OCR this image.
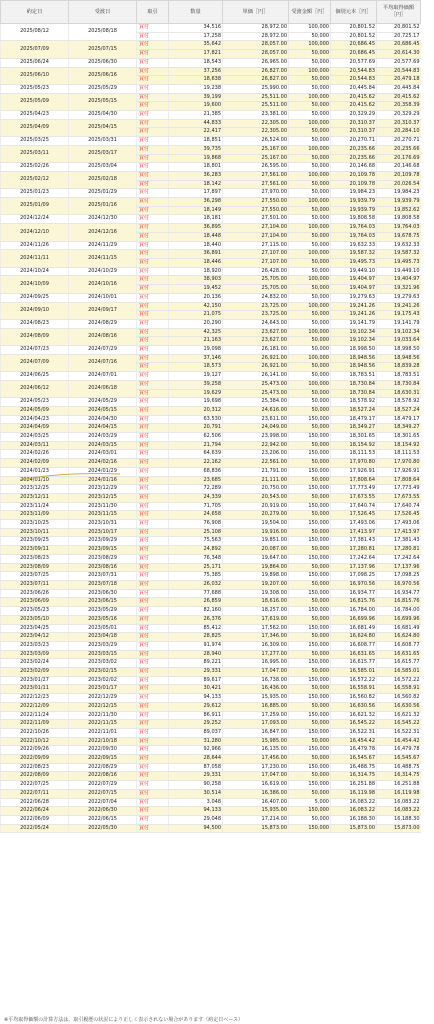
約定日	受渡日	取引	数量	単価［円］	受渡金額［円］	個別元本［円］	平均取得価額［円］
2025/08/12	2025/08/18	買付	34,516	28,972.00	100,000	20,801.52	20,801.52
		買付	17,258	28,972.00	50,000	20,801.52	20,725.17
2025/07/09	2025/07/15	買付	35,642	28,057.00	100,000	20,686.45	20,686.45
		買付	17,821	28,057.00	50,000	20,686.45	20,614.30
2025/06/24	2025/06/30	買付	18,543	26,965.00	50,000	20,577.69	20,577.69
2025/06/10	2025/06/16	買付	37,256	26,827.00	100,000	20,544.83	20,544.83
		買付	18,638	26,827.00	50,000	20,544.83	20,479.18
2025/05/23	2025/05/29	買付	19,238	25,990.00	50,000	20,445.84	20,445.84
2025/05/09	2025/05/15	買付	39,199	25,511.00	100,000	20,415.62	20,415.62
		買付	19,600	25,511.00	50,000	20,415.62	20,358.39
2025/04/23	2025/04/30	買付	21,385	23,381.00	50,000	20,329.29	20,329.29
2025/04/09	2025/04/15	買付	44,833	22,305.00	100,000	20,310.37	20,310.37
		買付	22,417	22,305.00	50,000	20,310.37	20,284.10
2025/03/25	2025/03/31	買付	18,851	26,524.00	50,000	20,270.71	20,270.71
2025/03/11	2025/03/17	買付	39,735	25,167.00	100,000	20,235.66	20,235.66
		買付	19,868	25,167.00	50,000	20,235.66	20,176.69
2025/02/26	2025/03/04	買付	18,801	26,595.00	50,000	20,146.68	20,146.68
2025/02/12	2025/02/18	買付	36,283	27,561.00	100,000	20,109.78	20,109.78
		買付	18,142	27,561.00	50,000	20,109.78	20,026.54
2025/01/23	2025/01/29	買付	17,897	27,970.00	50,000	19,984.23	19,984.23
2025/01/09	2025/01/16	買付	36,298	27,550.00	100,000	19,939.79	19,939.79
		買付	18,149	27,550.00	50,000	19,939.79	19,852.62
2024/12/24	2024/12/30	買付	18,181	27,501.00	50,000	19,808.58	19,808.58
2024/12/10	2024/12/16	買付	36,895	27,104.00	100,000	19,764.03	19,764.03
		買付	18,448	27,104.00	50,000	19,764.03	19,678.75
2024/11/26	2024/11/29	買付	18,440	27,115.00	50,000	19,632.33	19,632.33
2024/11/11	2024/11/15	買付	36,891	27,107.00	100,000	19,587.32	19,587.32
		買付	18,446	27,107.00	50,000	19,495.73	19,495.73
2024/10/24	2024/10/29	買付	18,920	26,428.00	50,000	19,449.10	19,449.10
2024/10/09	2024/10/16	買付	38,903	25,705.00	100,000	19,404.97	19,404.97
		買付	19,452	25,705.00	50,000	19,404.97	19,321.96
2024/09/25	2024/10/01	買付	20,136	24,832.00	50,000	19,279.63	19,279.63
2024/09/10	2024/09/17	買付	42,150	23,725.00	100,000	19,241.26	19,241.26
		買付	21,075	23,725.00	50,000	19,241.26	19,175.43
2024/08/23	2024/08/29	買付	20,290	24,643.00	50,000	19,141.79	19,141.79
2024/08/09	2024/08/16	買付	42,325	23,627.00	100,000	19,102.34	19,102.34
		買付	21,163	23,627.00	50,000	19,102.34	19,033.64
2024/07/23	2024/07/29	買付	19,098	26,181.00	50,000	18,998.50	18,998.50
2024/07/09	2024/07/16	買付	37,146	26,921.00	100,000	18,948.56	18,948.56
		買付	18,573	26,921.00	50,000	18,948.56	18,839.28
2024/06/25	2024/07/01	買付	19,127	26,141.00	50,000	18,783.51	18,783.51
2024/06/12	2024/06/18	買付	39,258	25,473.00	100,000	18,730.84	18,730.84
		買付	19,629	25,473.00	50,000	18,730.84	18,630.31
2024/05/23	2024/05/29	買付	19,698	25,384.00	50,000	18,578.92	18,578.92
2024/05/09	2024/05/15	買付	20,312	24,616.00	50,000	18,527.24	18,527.24
2024/04/23	2024/04/30	買付	63,530	23,611.00	150,000	18,479.17	18,479.17
2024/04/09	2024/04/15	買付	20,791	24,049.00	50,000	18,349.27	18,349.27
2024/03/25	2024/03/29	買付	62,506	23,998.00	150,000	18,301.65	18,301.65
2024/03/11	2024/03/15	買付	21,794	22,942.00	50,000	18,154.92	18,154.92
2024/02/26	2024/03/01	買付	64,639	23,206.00	150,000	18,111.53	18,111.53
2024/02/09	2024/02/16	買付	22,162	22,561.00	50,000	17,970.80	17,970.80
2024/01/23	2024/01/29	買付	68,836	21,791.00	150,000	17,926.91	17,926.91
2024/01/10	2024/01/16	買付	23,685	21,111.00	50,000	17,808.64	17,808.64
2023/12/25	2023/12/29	買付	72,289	20,750.00	150,000	17,773.49	17,773.49
2023/12/11	2023/12/15	買付	24,339	20,543.00	50,000	17,673.55	17,673.55
2023/11/24	2023/11/30	買付	71,705	20,919.00	150,000	17,640.74	17,640.74
2023/11/09	2023/11/15	買付	24,658	20,279.00	50,000	17,526.45	17,526.45
2023/10/25	2023/10/31	買付	76,908	19,504.00	150,000	17,493.06	17,493.06
2023/10/11	2023/10/17	買付	25,108	19,916.00	50,000	17,413.97	17,413.97
2023/09/25	2023/09/29	買付	75,563	19,851.00	150,000	17,381.43	17,381.43
2023/09/11	2023/09/15	買付	24,892	20,087.00	50,000	17,280.81	17,280.81
2023/08/23	2023/08/29	買付	76,348	19,647.00	150,000	17,242.64	17,242.64
2023/08/09	2023/08/16	買付	25,171	19,864.00	50,000	17,137.96	17,137.96
2023/07/25	2023/07/31	買付	75,385	19,898.00	150,000	17,098.25	17,098.25
2023/07/11	2023/07/18	買付	26,032	19,207.00	50,000	16,970.56	16,970.56
2023/06/26	2023/06/30	買付	77,688	19,308.00	150,000	16,934.77	16,934.77
2023/06/09	2023/06/15	買付	26,859	18,616.00	50,000	16,815.76	16,815.76
2023/05/23	2023/05/29	買付	82,160	18,257.00	150,000	16,784.00	16,784.00
2023/05/10	2023/05/16	買付	26,376	17,619.00	50,000	16,699.96	16,699.96
2023/04/25	2023/05/01	買付	85,412	17,562.00	150,000	16,681.49	16,681.49
2023/04/12	2023/04/18	買付	28,825	17,346.00	50,000	16,624.80	16,624.80
2023/03/23	2023/03/29	買付	91,974	16,309.00	150,000	16,608.77	16,608.77
2023/03/09	2023/03/15	買付	28,940	17,277.00	50,000	16,631.65	16,631.65
2023/02/24	2023/03/02	買付	89,221	16,995.00	150,000	16,615.77	16,615.77
2023/02/09	2023/02/15	買付	29,331	17,047.00	50,000	16,585.01	16,585.01
2023/01/27	2023/02/02	買付	89,617	16,738.00	150,000	16,572.22	16,572.22
2023/01/11	2023/01/17	買付	30,421	16,436.00	50,000	16,558.91	16,558.91
2022/12/23	2022/12/29	買付	94,133	15,935.00	150,000	16,560.82	16,560.82
2022/12/09	2022/12/15	買付	29,612	16,885.00	50,000	16,630.56	16,630.56
2022/11/24	2022/11/30	買付	86,911	17,259.00	150,000	16,621.32	16,621.32
2022/11/09	2022/11/15	買付	29,252	17,093.00	50,000	16,545.22	16,545.22
2022/10/26	2022/11/01	買付	89,037	16,847.00	150,000	16,522.31	16,522.31
2022/10/12	2022/10/18	買付	31,280	15,985.00	50,000	16,454.42	16,454.42
2022/09/26	2022/09/30	買付	92,966	16,135.00	150,000	16,479.78	16,479.78
2022/09/09	2022/09/15	買付	28,644	17,456.00	50,000	16,545.67	16,545.67
2022/08/23	2022/08/29	買付	87,058	17,230.00	150,000	16,488.75	16,488.75
2022/08/09	2022/08/16	買付	29,331	17,047.00	50,000	16,314.75	16,314.75
2022/07/25	2022/07/29	買付	90,258	16,619.00	150,000	16,251.88	16,251.88
2022/07/11	2022/07/15	買付	30,514	16,386.00	50,000	16,119.98	16,119.98
2022/06/28	2022/07/04	買付	3,048	16,407.00	5,000	16,083.22	16,083.22
2022/06/24	2022/06/30	買付	94,133	15,935.00	150,000	16,083.22	16,083.22
2022/06/09	2022/06/15	買付	29,048	17,214.00	50,000	16,188.30	16,188.30
2022/05/24	2022/05/30	買付	94,500	15,873.00	150,000	15,873.00	15,873.00
※平均取得価額の計算方法は、取引履歴の状況により正しく表示されない場合があります（約定日ベース）
